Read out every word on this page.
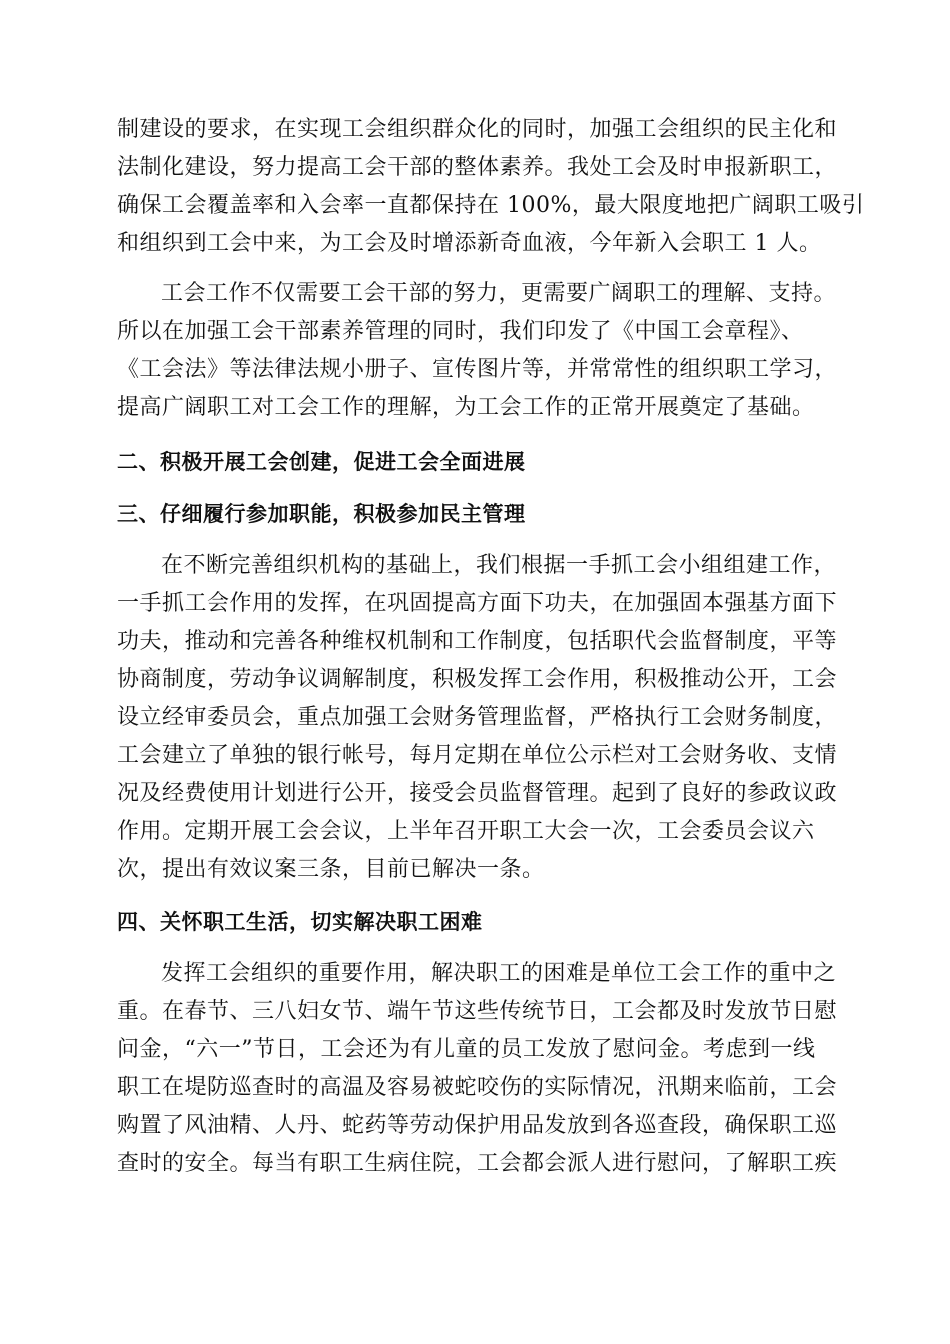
制建设的要求，在实现工会组织群众化的同时，加强工会组织的民主化和
法制化建设，努力提高工会干部的整体素养。我处工会及时申报新职工，
确保工会覆盖率和入会率一直都保持在 100%，最大限度地把广阔职工吸引
和组织到工会中来，为工会及时增添新奇血液，今年新入会职工 1 人。
工会工作不仅需要工会干部的努力，更需要广阔职工的理解、支持。
所以在加强工会干部素养管理的同时，我们印发了《中国工会章程》、
《工会法》等法律法规小册子、宣传图片等，并常常性的组织职工学习，
提高广阔职工对工会工作的理解，为工会工作的正常开展奠定了基础。
二、积极开展工会创建，促进工会全面进展
三、仔细履行参加职能，积极参加民主管理
在不断完善组织机构的基础上，我们根据一手抓工会小组组建工作，
一手抓工会作用的发挥，在巩固提高方面下功夫，在加强固本强基方面下
功夫，推动和完善各种维权机制和工作制度，包括职代会监督制度，平等
协商制度，劳动争议调解制度，积极发挥工会作用，积极推动公开，工会
设立经审委员会，重点加强工会财务管理监督，严格执行工会财务制度，
工会建立了单独的银行帐号，每月定期在单位公示栏对工会财务收、支情
况及经费使用计划进行公开，接受会员监督管理。起到了良好的参政议政
作用。定期开展工会会议，上半年召开职工大会一次，工会委员会议六
次，提出有效议案三条，目前已解决一条。
四、关怀职工生活，切实解决职工困难
发挥工会组织的重要作用，解决职工的困难是单位工会工作的重中之
重。在春节、三八妇女节、端午节这些传统节日，工会都及时发放节日慰
问金，“六一”节日，工会还为有儿童的员工发放了慰问金。考虑到一线
职工在堤防巡查时的高温及容易被蛇咬伤的实际情况，汛期来临前，工会
购置了风油精、人丹、蛇药等劳动保护用品发放到各巡查段，确保职工巡
查时的安全。每当有职工生病住院，工会都会派人进行慰问，了解职工疾
